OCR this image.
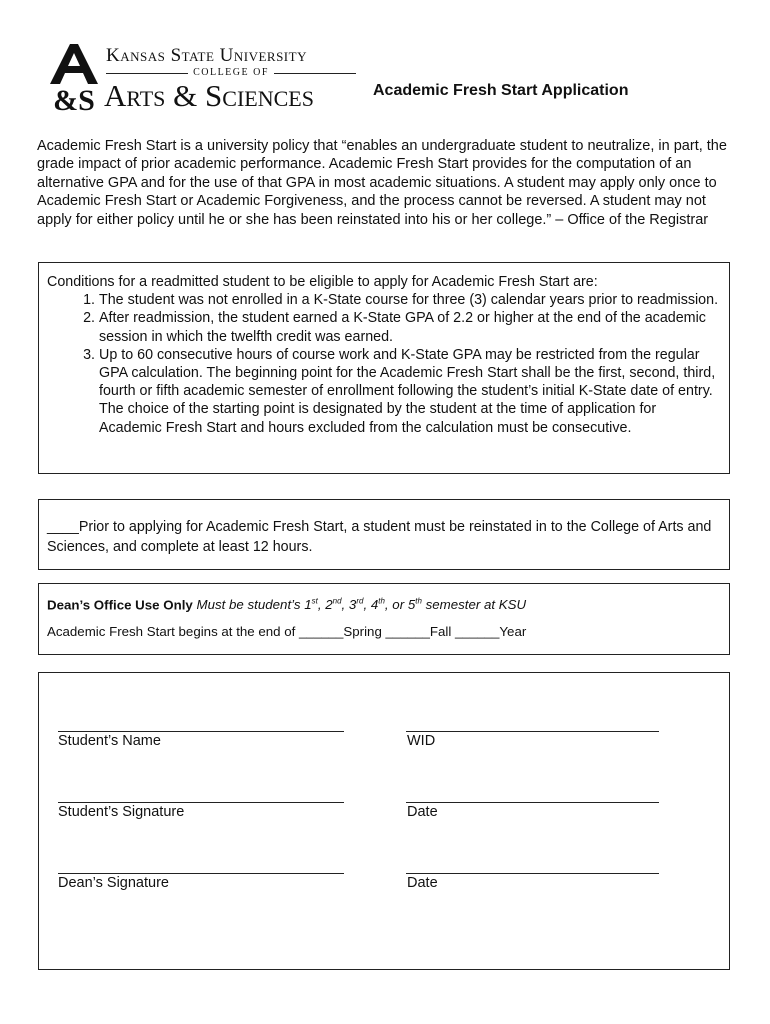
&S
Kansas State University
COLLEGE OF
Arts & Sciences	Academic Fresh Start Application
Academic Fresh Start is a university policy that “enables an undergraduate student to neutralize, in part, the grade impact of prior academic performance. Academic Fresh Start provides for the computation of an alternative GPA and for the use of that GPA in most academic situations. A student may apply only once to Academic Fresh Start or Academic Forgiveness, and the process cannot be reversed. A student may not apply for either policy until he or she has been reinstated into his or her college.” – Office of the Registrar
Conditions for a readmitted student to be eligible to apply for Academic Fresh Start are:
1. The student was not enrolled in a K-State course for three (3) calendar years prior to readmission.
2. After readmission, the student earned a K-State GPA of 2.2 or higher at the end of the academic session in which the twelfth credit was earned.
3. Up to 60 consecutive hours of course work and K-State GPA may be restricted from the regular GPA calculation. The beginning point for the Academic Fresh Start shall be the first, second, third, fourth or fifth academic semester of enrollment following the student’s initial K-State date of entry. The choice of the starting point is designated by the student at the time of application for Academic Fresh Start and hours excluded from the calculation must be consecutive.
____Prior to applying for Academic Fresh Start, a student must be reinstated in to the College of Arts and Sciences, and complete at least 12 hours.
Dean’s Office Use Only Must be student’s 1st, 2nd, 3rd, 4th, or 5th semester at KSU
Academic Fresh Start begins at the end of ______Spring ______Fall ______Year
Student’s Name	WID
Student’s Signature	Date
Dean’s Signature	Date
